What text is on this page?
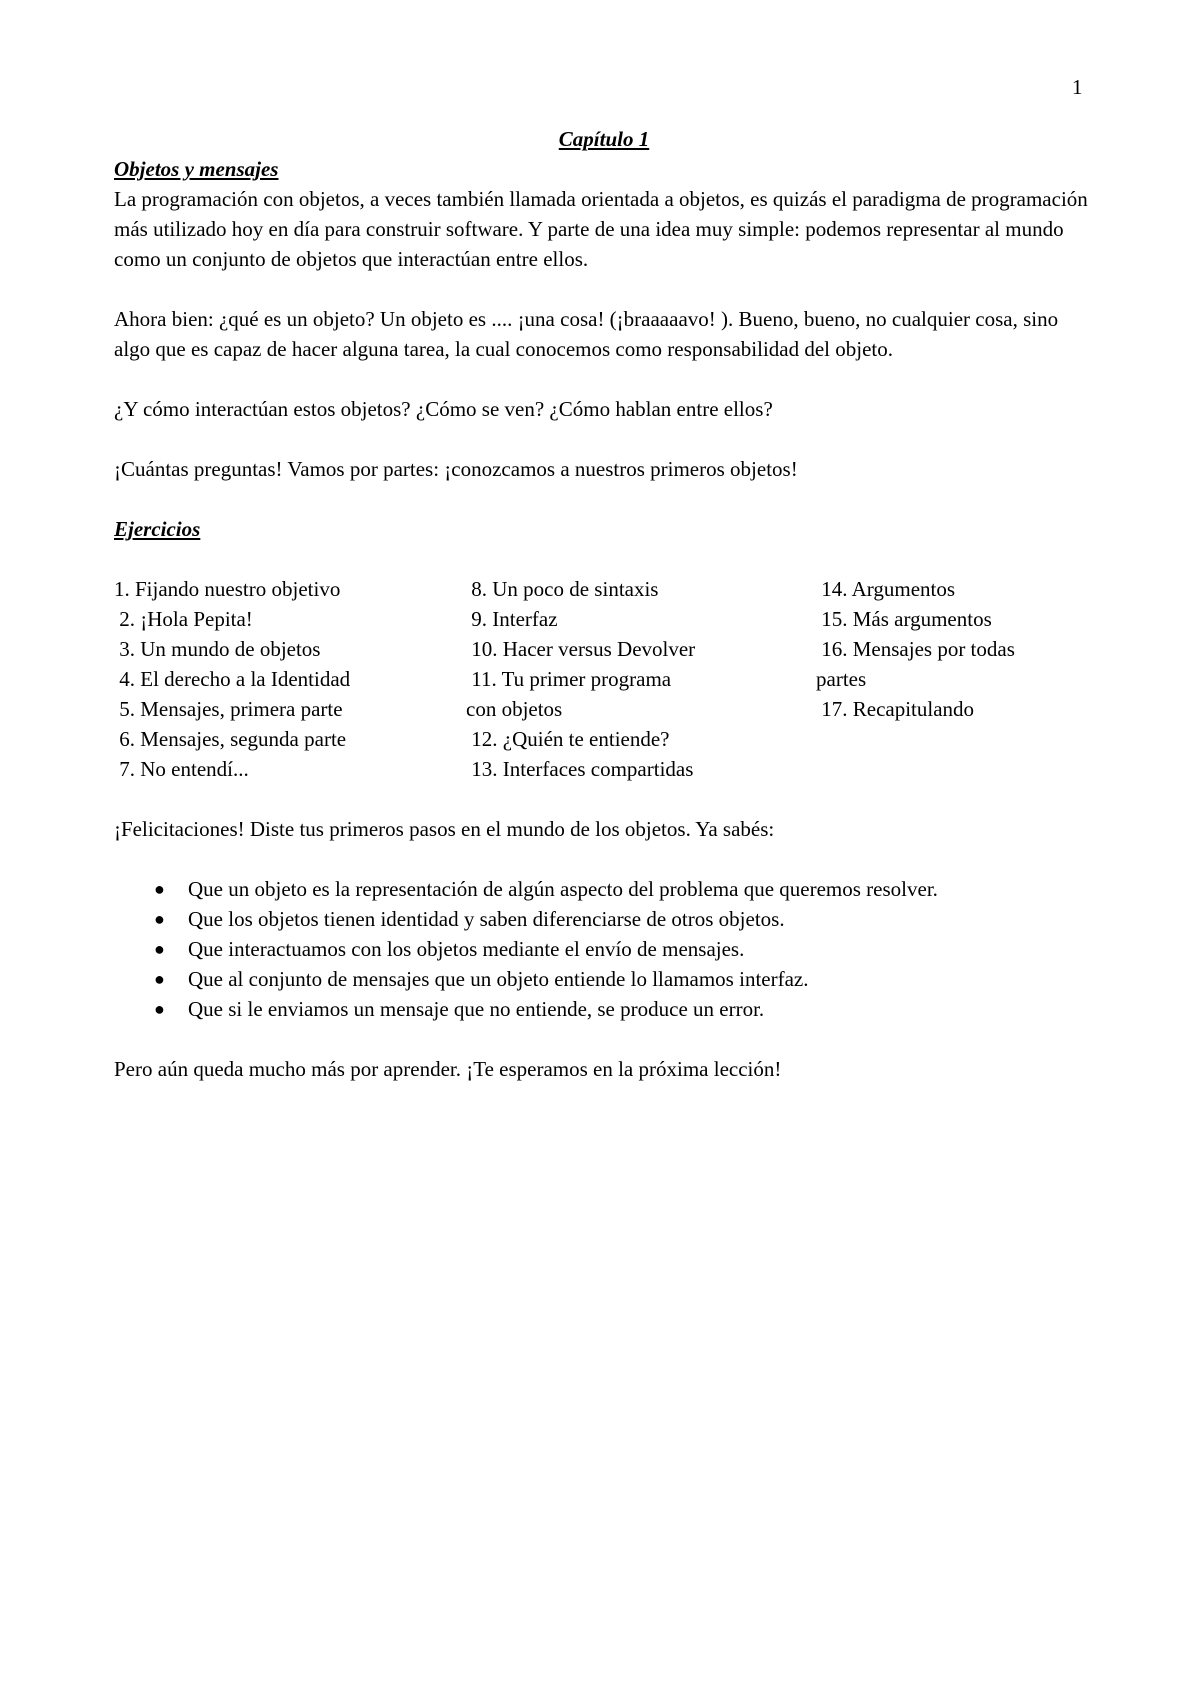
1

Capítulo 1

Objetos y mensajes

La programación con objetos, a veces también llamada orientada a objetos, es quizás el paradigma de programación más utilizado hoy en día para construir software. Y parte de una idea muy simple: podemos representar al mundo como un conjunto de objetos que interactúan entre ellos.

Ahora bien: ¿qué es un objeto? Un objeto es .... ¡una cosa! (¡braaaaavo! ). Bueno, bueno, no cualquier cosa, sino algo que es capaz de hacer alguna tarea, la cual conocemos como responsabilidad del objeto.

¿Y cómo interactúan estos objetos? ¿Cómo se ven? ¿Cómo hablan entre ellos?

¡Cuántas preguntas! Vamos por partes: ¡conozcamos a nuestros primeros objetos!

Ejercicios

1. Fijando nuestro objetivo
2. ¡Hola Pepita!
3. Un mundo de objetos
4. El derecho a la Identidad
5. Mensajes, primera parte
6. Mensajes, segunda parte
7. No entendí...
8. Un poco de sintaxis
9. Interfaz
10. Hacer versus Devolver
11. Tu primer programa
con objetos
12. ¿Quién te entiende?
13. Interfaces compartidas
14. Argumentos
15. Más argumentos
16. Mensajes por todas
partes
17. Recapitulando

¡Felicitaciones! Diste tus primeros pasos en el mundo de los objetos. Ya sabés:

● Que un objeto es la representación de algún aspecto del problema que queremos resolver.
● Que los objetos tienen identidad y saben diferenciarse de otros objetos.
● Que interactuamos con los objetos mediante el envío de mensajes.
● Que al conjunto de mensajes que un objeto entiende lo llamamos interfaz.
● Que si le enviamos un mensaje que no entiende, se produce un error.

Pero aún queda mucho más por aprender. ¡Te esperamos en la próxima lección!
